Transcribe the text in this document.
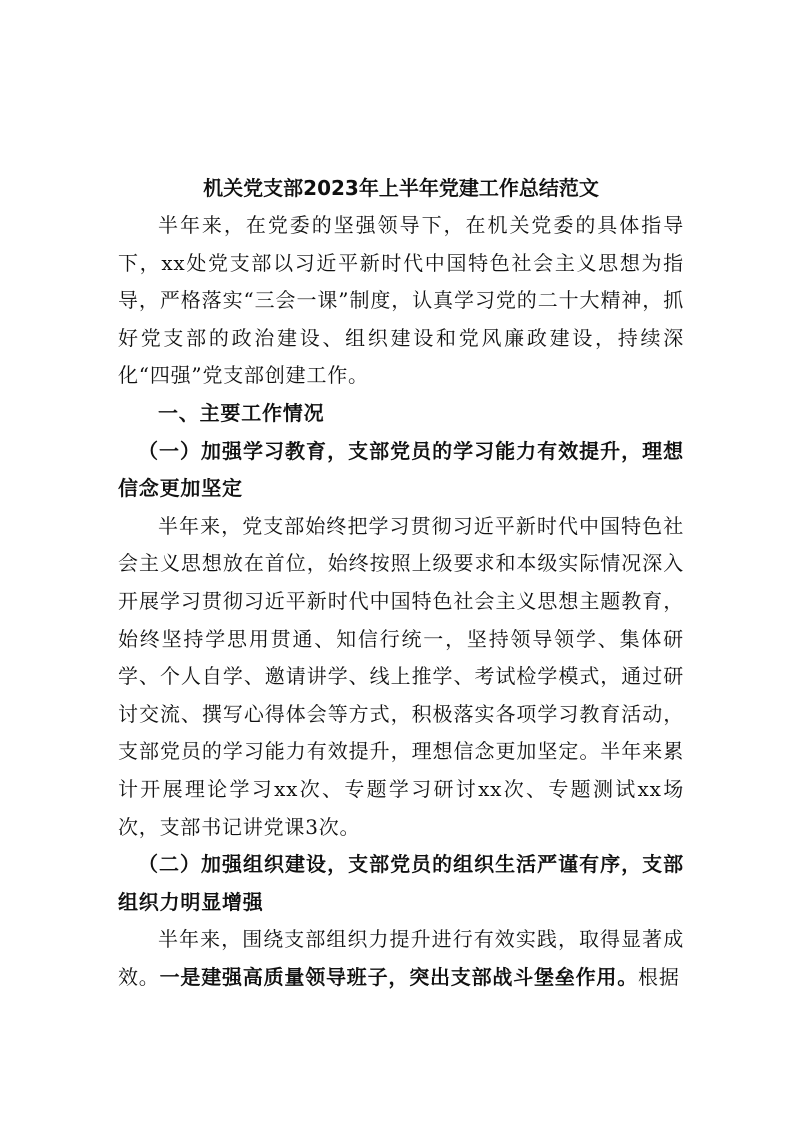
机关党支部2023年上半年党建工作总结范文

半年来，在党委的坚强领导下，在机关党委的具体指导下，xx处党支部以习近平新时代中国特色社会主义思想为指导，严格落实“三会一课”制度，认真学习党的二十大精神，抓好党支部的政治建设、组织建设和党风廉政建设，持续深化“四强”党支部创建工作。

一、主要工作情况

（一）加强学习教育，支部党员的学习能力有效提升，理想信念更加坚定

半年来，党支部始终把学习贯彻习近平新时代中国特色社会主义思想放在首位，始终按照上级要求和本级实际情况深入开展学习贯彻习近平新时代中国特色社会主义思想主题教育，始终坚持学思用贯通、知信行统一，坚持领导领学、集体研学、个人自学、邀请讲学、线上推学、考试检学模式，通过研讨交流、撰写心得体会等方式，积极落实各项学习教育活动，支部党员的学习能力有效提升，理想信念更加坚定。半年来累计开展理论学习xx次、专题学习研讨xx次、专题测试xx场次，支部书记讲党课3次。

（二）加强组织建设，支部党员的组织生活严谨有序，支部组织力明显增强

半年来，围绕支部组织力提升进行有效实践，取得显著成效。一是建强高质量领导班子，突出支部战斗堡垒作用。根据
